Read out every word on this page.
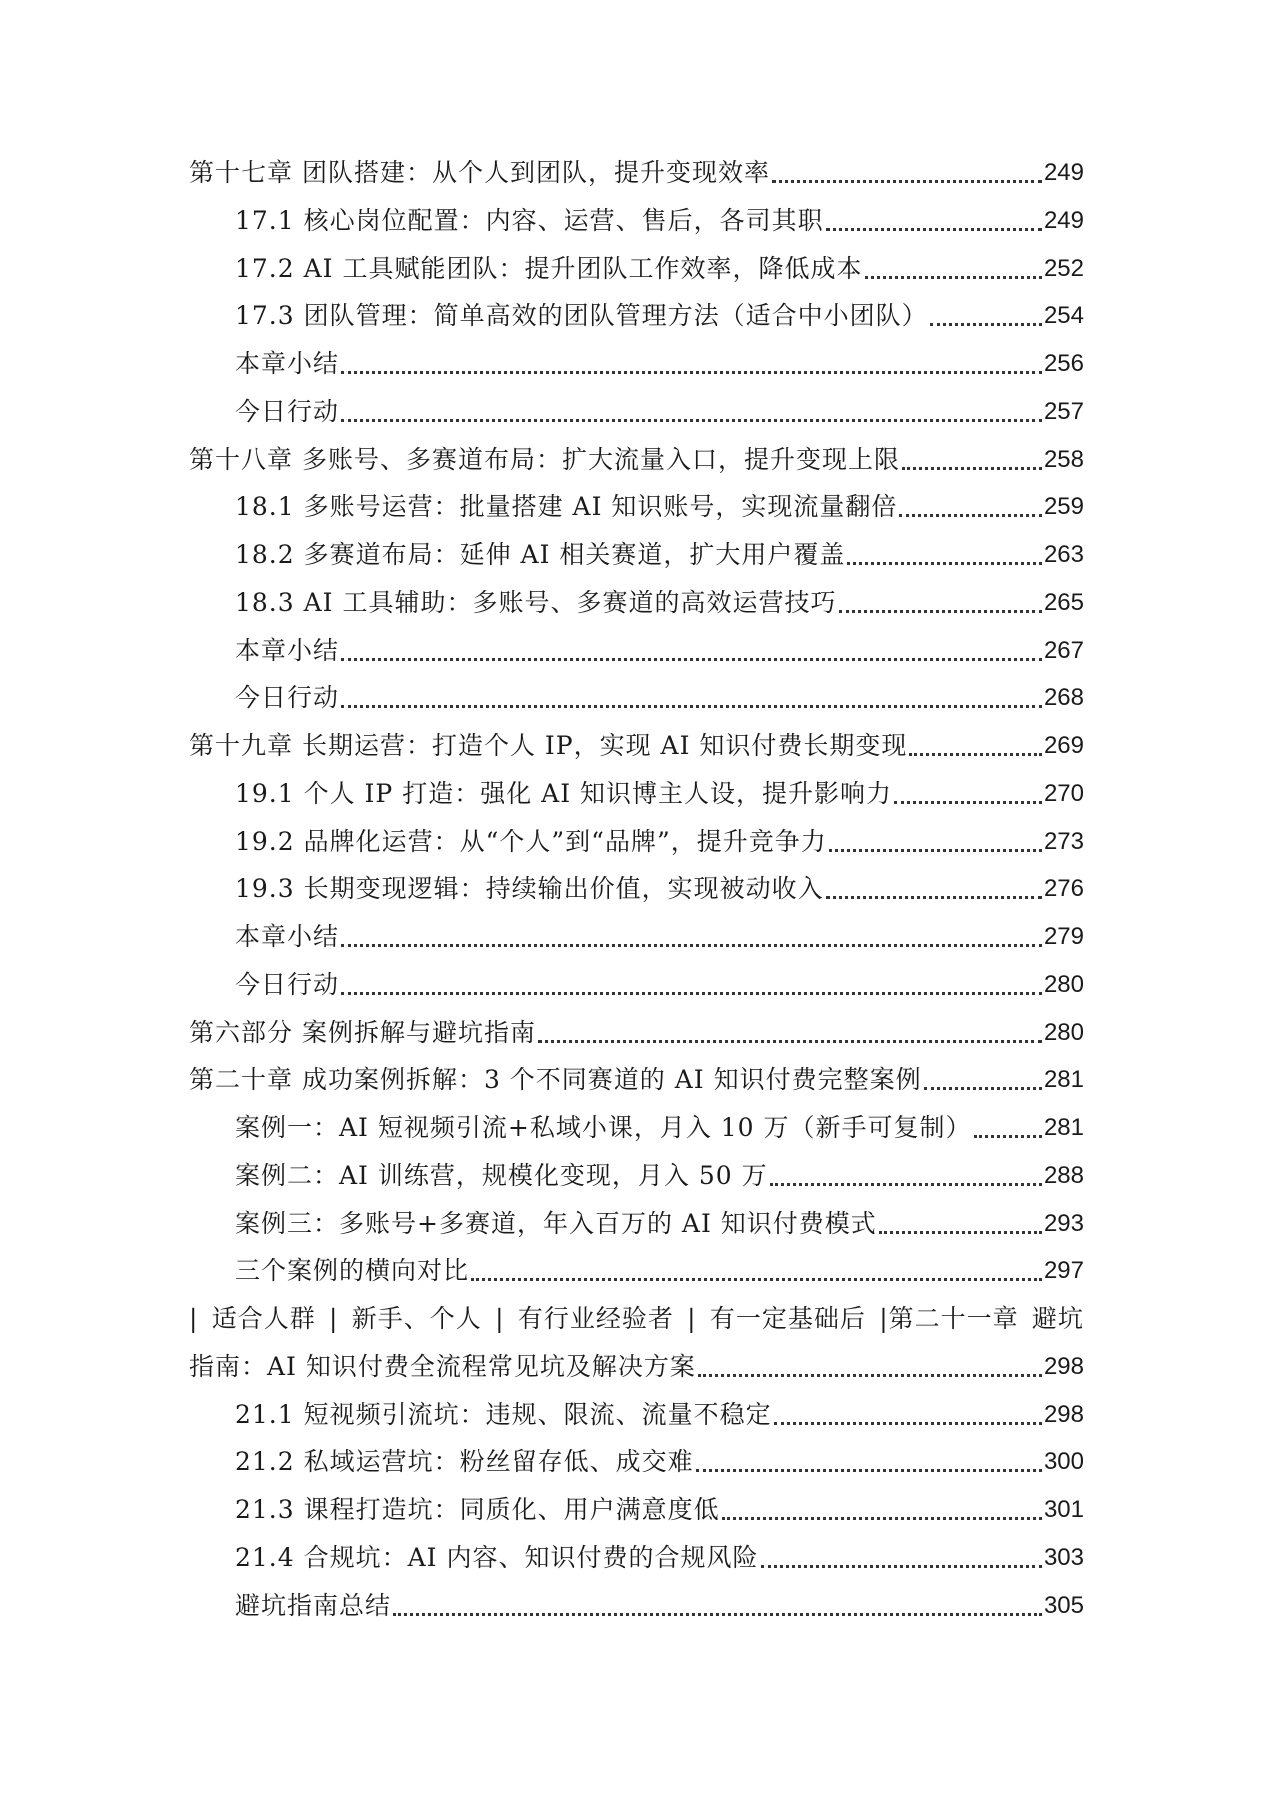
第十七章 团队搭建：从个人到团队，提升变现效率	249
17.1 核心岗位配置：内容、运营、售后，各司其职	249
17.2 AI 工具赋能团队：提升团队工作效率，降低成本	252
17.3 团队管理：简单高效的团队管理方法（适合中小团队）	254
本章小结	256
今日行动	257
第十八章 多账号、多赛道布局：扩大流量入口，提升变现上限	258
18.1 多账号运营：批量搭建 AI 知识账号，实现流量翻倍	259
18.2 多赛道布局：延伸 AI 相关赛道，扩大用户覆盖	263
18.3 AI 工具辅助：多账号、多赛道的高效运营技巧	265
本章小结	267
今日行动	268
第十九章 长期运营：打造个人 IP，实现 AI 知识付费长期变现	269
19.1 个人 IP 打造：强化 AI 知识博主人设，提升影响力	270
19.2 品牌化运营：从“个人”到“品牌”，提升竞争力	273
19.3 长期变现逻辑：持续输出价值，实现被动收入	276
本章小结	279
今日行动	280
第六部分 案例拆解与避坑指南	280
第二十章 成功案例拆解：3 个不同赛道的 AI 知识付费完整案例	281
案例一：AI 短视频引流+私域小课，月入 10 万（新手可复制）	281
案例二：AI 训练营，规模化变现，月入 50 万	288
案例三：多账号+多赛道，年入百万的 AI 知识付费模式	293
三个案例的横向对比	297
| 适合人群 | 新手、个人 | 有行业经验者 | 有一定基础后 |第二十一章 避坑
指南：AI 知识付费全流程常见坑及解决方案	298
21.1 短视频引流坑：违规、限流、流量不稳定	298
21.2 私域运营坑：粉丝留存低、成交难	300
21.3 课程打造坑：同质化、用户满意度低	301
21.4 合规坑：AI 内容、知识付费的合规风险	303
避坑指南总结	305
